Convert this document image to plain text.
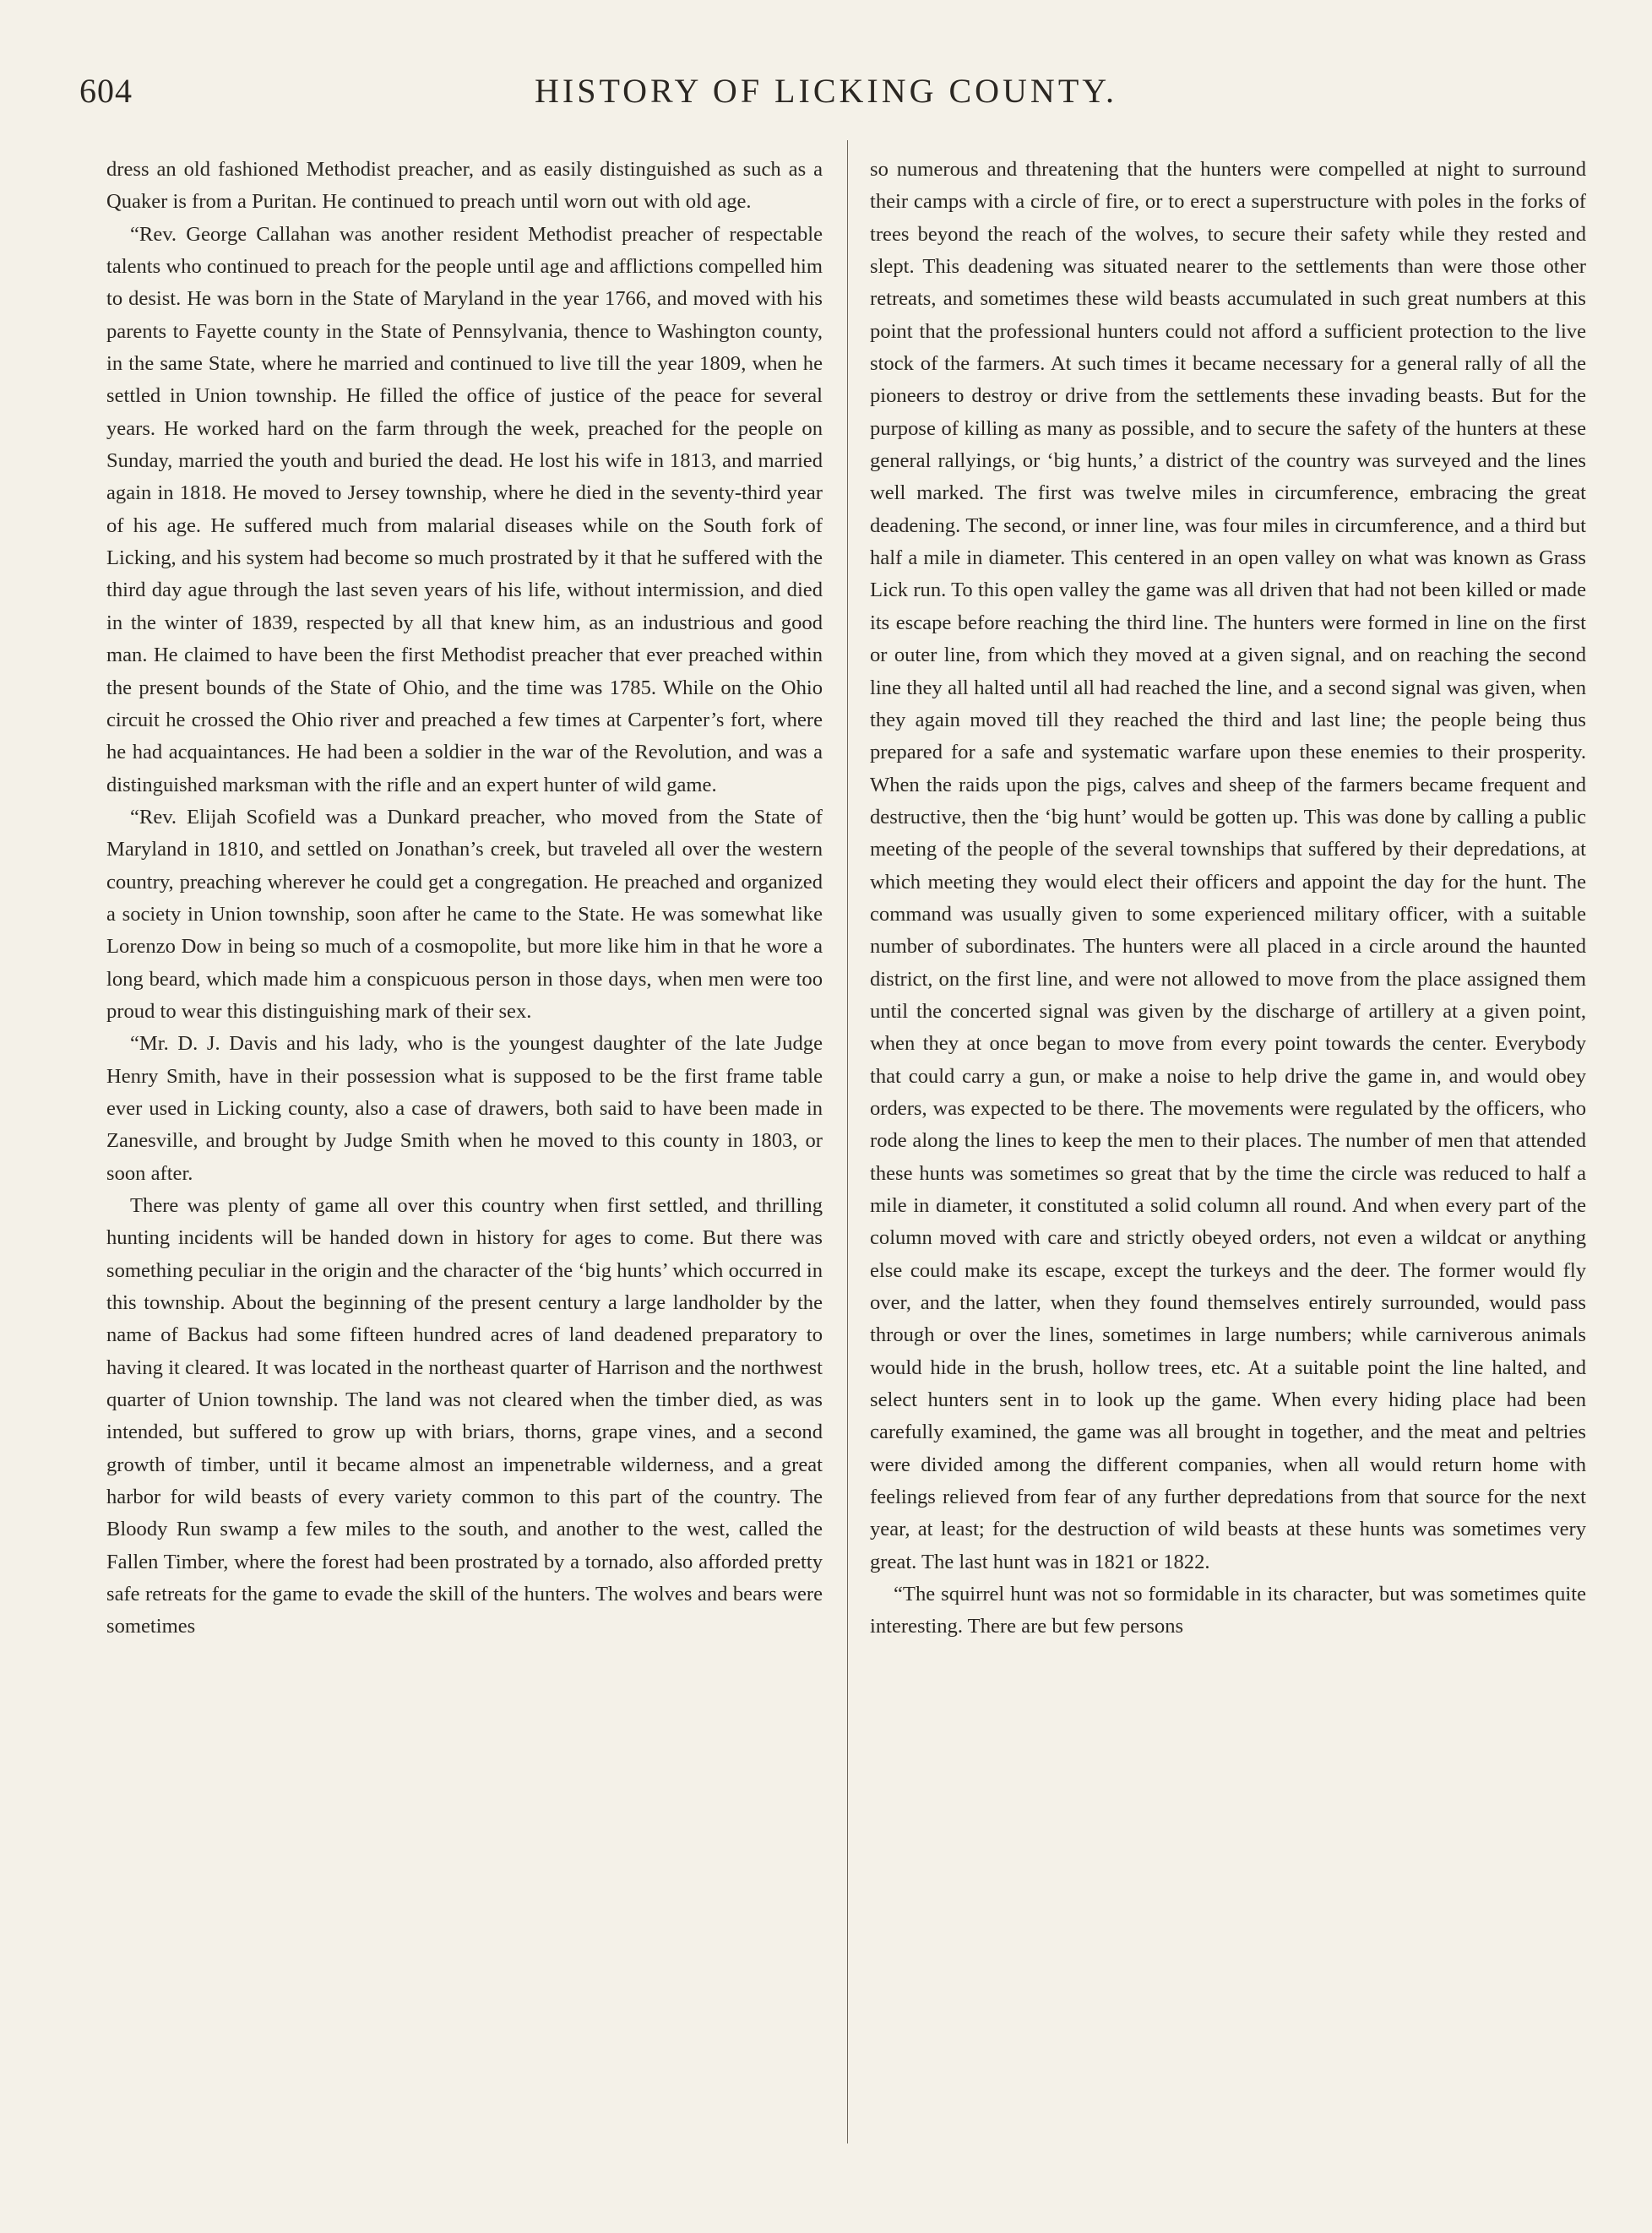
604	HISTORY OF LICKING COUNTY.

dress an old fashioned Methodist preacher, and as easily distinguished as such as a Quaker is from a Puritan. He continued to preach until worn out with old age.

“Rev. George Callahan was another resident Methodist preacher of respectable talents who continued to preach for the people until age and afflictions compelled him to desist. He was born in the State of Maryland in the year 1766, and moved with his parents to Fayette county in the State of Pennsylvania, thence to Washington county, in the same State, where he married and continued to live till the year 1809, when he settled in Union township. He filled the office of justice of the peace for several years. He worked hard on the farm through the week, preached for the people on Sunday, married the youth and buried the dead. He lost his wife in 1813, and married again in 1818. He moved to Jersey township, where he died in the seventy-third year of his age. He suffered much from malarial diseases while on the South fork of Licking, and his system had become so much prostrated by it that he suffered with the third day ague through the last seven years of his life, without intermission, and died in the winter of 1839, respected by all that knew him, as an industrious and good man. He claimed to have been the first Methodist preacher that ever preached within the present bounds of the State of Ohio, and the time was 1785. While on the Ohio circuit he crossed the Ohio river and preached a few times at Carpenter’s fort, where he had acquaintances. He had been a soldier in the war of the Revolution, and was a distinguished marksman with the rifle and an expert hunter of wild game.

“Rev. Elijah Scofield was a Dunkard preacher, who moved from the State of Maryland in 1810, and settled on Jonathan’s creek, but traveled all over the western country, preaching wherever he could get a congregation. He preached and organized a society in Union township, soon after he came to the State. He was somewhat like Lorenzo Dow in being so much of a cosmopolite, but more like him in that he wore a long beard, which made him a conspicuous person in those days, when men were too proud to wear this distinguishing mark of their sex.

“Mr. D. J. Davis and his lady, who is the youngest daughter of the late Judge Henry Smith, have in their possession what is supposed to be the first frame table ever used in Licking county, also a case of drawers, both said to have been made in Zanesville, and brought by Judge Smith when he moved to this county in 1803, or soon after.

There was plenty of game all over this country when first settled, and thrilling hunting incidents will be handed down in history for ages to come. But there was something peculiar in the origin and the character of the ‘big hunts’ which occurred in this township. About the beginning of the present century a large landholder by the name of Backus had some fifteen hundred acres of land deadened preparatory to having it cleared. It was located in the northeast quarter of Harrison and the northwest quarter of Union township. The land was not cleared when the timber died, as was intended, but suffered to grow up with briars, thorns, grape vines, and a second growth of timber, until it became almost an impenetrable wilderness, and a great harbor for wild beasts of every variety common to this part of the country. The Bloody Run swamp a few miles to the south, and another to the west, called the Fallen Timber, where the forest had been prostrated by a tornado, also afforded pretty safe retreats for the game to evade the skill of the hunters. The wolves and bears were sometimes

so numerous and threatening that the hunters were compelled at night to surround their camps with a circle of fire, or to erect a superstructure with poles in the forks of trees beyond the reach of the wolves, to secure their safety while they rested and slept. This deadening was situated nearer to the settlements than were those other retreats, and sometimes these wild beasts accumulated in such great numbers at this point that the professional hunters could not afford a sufficient protection to the live stock of the farmers. At such times it became necessary for a general rally of all the pioneers to destroy or drive from the settlements these invading beasts. But for the purpose of killing as many as possible, and to secure the safety of the hunters at these general rallyings, or ‘big hunts,’ a district of the country was surveyed and the lines well marked. The first was twelve miles in circumference, embracing the great deadening. The second, or inner line, was four miles in circumference, and a third but half a mile in diameter. This centered in an open valley on what was known as Grass Lick run. To this open valley the game was all driven that had not been killed or made its escape before reaching the third line. The hunters were formed in line on the first or outer line, from which they moved at a given signal, and on reaching the second line they all halted until all had reached the line, and a second signal was given, when they again moved till they reached the third and last line; the people being thus prepared for a safe and systematic warfare upon these enemies to their prosperity. When the raids upon the pigs, calves and sheep of the farmers became frequent and destructive, then the ‘big hunt’ would be gotten up. This was done by calling a public meeting of the people of the several townships that suffered by their depredations, at which meeting they would elect their officers and appoint the day for the hunt. The command was usually given to some experienced military officer, with a suitable number of subordinates. The hunters were all placed in a circle around the haunted district, on the first line, and were not allowed to move from the place assigned them until the concerted signal was given by the discharge of artillery at a given point, when they at once began to move from every point towards the center. Everybody that could carry a gun, or make a noise to help drive the game in, and would obey orders, was expected to be there. The movements were regulated by the officers, who rode along the lines to keep the men to their places. The number of men that attended these hunts was sometimes so great that by the time the circle was reduced to half a mile in diameter, it constituted a solid column all round. And when every part of the column moved with care and strictly obeyed orders, not even a wildcat or anything else could make its escape, except the turkeys and the deer. The former would fly over, and the latter, when they found themselves entirely surrounded, would pass through or over the lines, sometimes in large numbers; while carniverous animals would hide in the brush, hollow trees, etc. At a suitable point the line halted, and select hunters sent in to look up the game. When every hiding place had been carefully examined, the game was all brought in together, and the meat and peltries were divided among the different companies, when all would return home with feelings relieved from fear of any further depredations from that source for the next year, at least; for the destruction of wild beasts at these hunts was sometimes very great. The last hunt was in 1821 or 1822.

“The squirrel hunt was not so formidable in its character, but was sometimes quite interesting. There are but few persons
